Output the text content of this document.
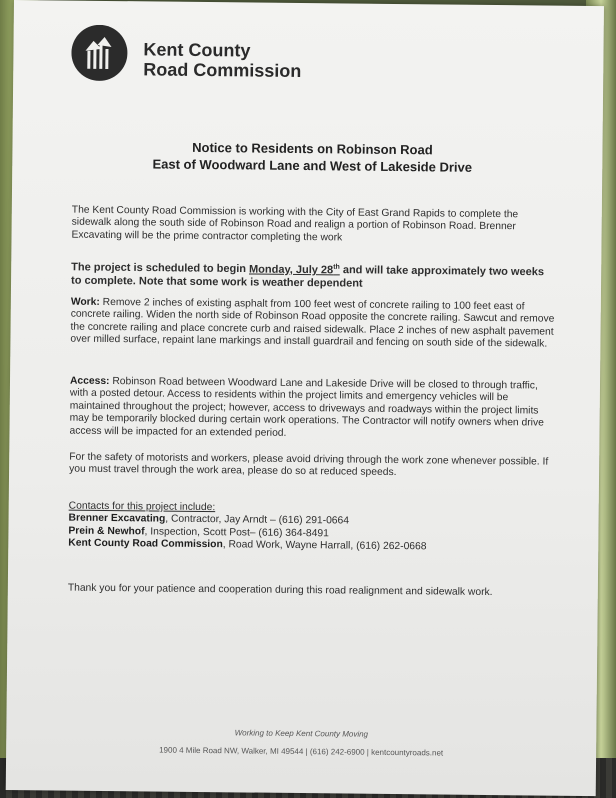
Kent County
Road Commission
Notice to Residents on Robinson Road
East of Woodward Lane and West of Lakeside Drive
The Kent County Road Commission is working with the City of East Grand Rapids to complete the sidewalk along the south side of Robinson Road and realign a portion of Robinson Road. Brenner Excavating will be the prime contractor completing the work
The project is scheduled to begin Monday, July 28th and will take approximately two weeks to complete. Note that some work is weather dependent
Work: Remove 2 inches of existing asphalt from 100 feet west of concrete railing to 100 feet east of concrete railing. Widen the north side of Robinson Road opposite the concrete railing. Sawcut and remove the concrete railing and place concrete curb and raised sidewalk. Place 2 inches of new asphalt pavement over milled surface, repaint lane markings and install guardrail and fencing on south side of the sidewalk.
Access: Robinson Road between Woodward Lane and Lakeside Drive will be closed to through traffic, with a posted detour. Access to residents within the project limits and emergency vehicles will be maintained throughout the project; however, access to driveways and roadways within the project limits may be temporarily blocked during certain work operations. The Contractor will notify owners when drive access will be impacted for an extended period.
For the safety of motorists and workers, please avoid driving through the work zone whenever possible. If you must travel through the work area, please do so at reduced speeds.
Contacts for this project include:
Brenner Excavating, Contractor, Jay Arndt – (616) 291-0664
Prein & Newhof, Inspection, Scott Post– (616) 364-8491
Kent County Road Commission, Road Work, Wayne Harrall, (616) 262-0668
Thank you for your patience and cooperation during this road realignment and sidewalk work.
Working to Keep Kent County Moving
1900 4 Mile Road NW, Walker, MI 49544 | (616) 242-6900 | kentcountyroads.net
